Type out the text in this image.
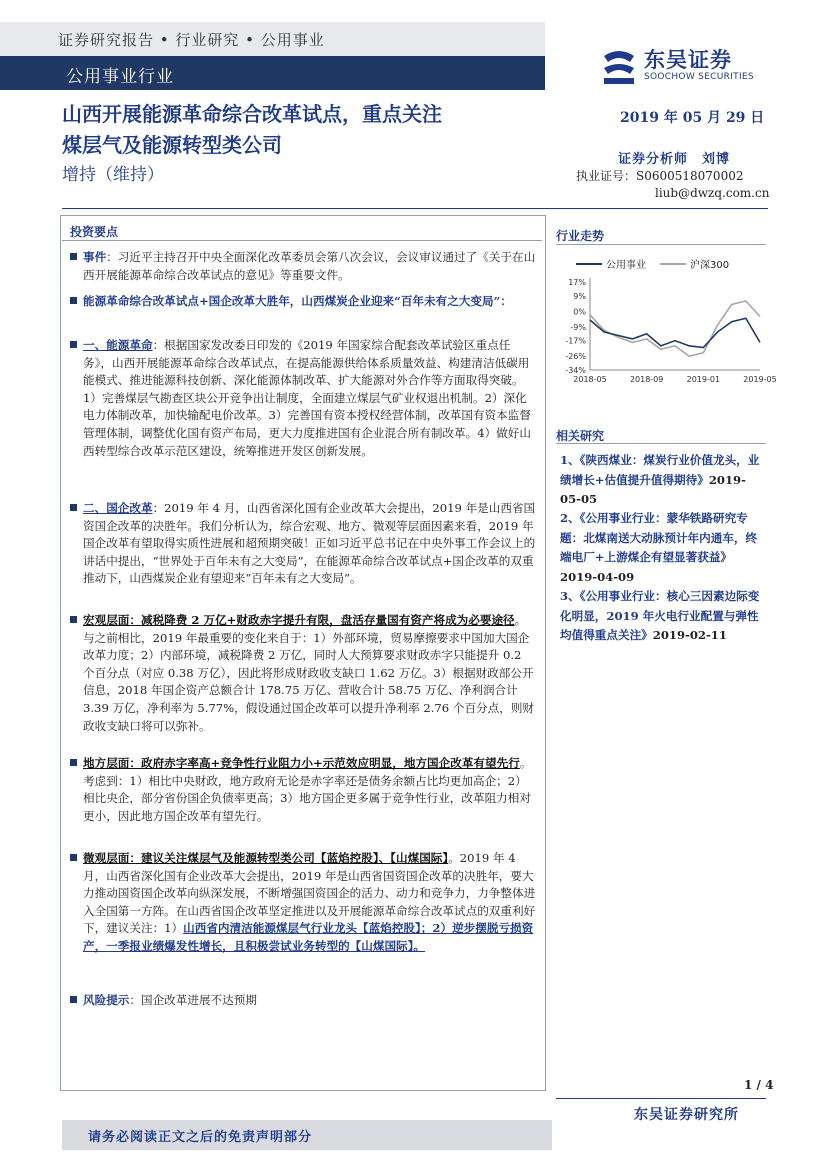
证券研究报告 • 行业研究 • 公用事业
公用事业行业
东吴证券
SOOCHOW SECURITIES
山西开展能源革命综合改革试点，重点关注
煤层气及能源转型类公司
增持（维持）
2019 年 05 月 29 日
证券分析师　刘博
执业证号：S0600518070002
liub@dwzq.com.cn
投资要点
事件：习近平主持召开中央全面深化改革委员会第八次会议，会议审议通过了《关于在山西开展能源革命综合改革试点的意见》等重要文件。
能源革命综合改革试点+国企改革大胜年，山西煤炭企业迎来“百年未有之大变局”：
一、能源革命：根据国家发改委日印发的《2019 年国家综合配套改革试验区重点任务》，山西开展能源革命综合改革试点，在提高能源供给体系质量效益、构建清洁低碳用能模式、推进能源科技创新、深化能源体制改革、扩大能源对外合作等方面取得突破。1）完善煤层气勘查区块公开竞争出让制度，全面建立煤层气矿业权退出机制。2）深化电力体制改革，加快输配电价改革。3）完善国有资本授权经营体制，改革国有资本监督管理体制，调整优化国有资产布局，更大力度推进国有企业混合所有制改革。4）做好山西转型综合改革示范区建设，统筹推进开发区创新发展。
二、国企改革：2019 年 4 月，山西省深化国有企业改革大会提出，2019 年是山西省国资国企改革的决胜年。我们分析认为，综合宏观、地方、微观等层面因素来看，2019 年国企改革有望取得实质性进展和超预期突破！正如习近平总书记在中央外事工作会议上的讲话中提出，“世界处于百年未有之大变局”，在能源革命综合改革试点+国企改革的双重推动下，山西煤炭企业有望迎来“百年未有之大变局”。
宏观层面：减税降费 2 万亿+财政赤字提升有限，盘活存量国有资产将成为必要途径。与之前相比，2019 年最重要的变化来自于：1）外部环境，贸易摩擦要求中国加大国企改革力度；2）内部环境，减税降费 2 万亿，同时人大预算要求财政赤字只能提升 0.2 个百分点（对应 0.38 万亿），因此将形成财政收支缺口 1.62 万亿。3）根据财政部公开信息，2018 年国企资产总额合计 178.75 万亿、营收合计 58.75 万亿、净利润合计 3.39 万亿，净利率为 5.77%，假设通过国企改革可以提升净利率 2.76 个百分点，则财政收支缺口将可以弥补。
地方层面：政府赤字率高+竞争性行业阻力小+示范效应明显，地方国企改革有望先行。考虑到：1）相比中央财政，地方政府无论是赤字率还是债务余额占比均更加高企；2）相比央企，部分省份国企负债率更高；3）地方国企更多属于竞争性行业，改革阻力相对更小，因此地方国企改革有望先行。
微观层面：建议关注煤层气及能源转型类公司【蓝焰控股】、【山煤国际】。2019 年 4 月，山西省深化国有企业改革大会提出，2019 年是山西省国资国企改革的决胜年，要大力推动国资国企改革向纵深发展，不断增强国资国企的活力、动力和竞争力，力争整体进入全国第一方阵。在山西省国企改革坚定推进以及开展能源革命综合改革试点的双重利好下，建议关注：1）山西省内清洁能源煤层气行业龙头【蓝焰控股】；2）逆步摆脱亏损资产，一季报业绩爆发性增长，且积极尝试业务转型的【山煤国际】。
风险提示：国企改革进展不达预期
行业走势
公用事业	沪深300
17%
9%
0%
-9%
-17%
-26%
-34%
2018-05	2018-09	2019-01	2019-05
相关研究
1、《陕西煤业：煤炭行业价值龙头，业绩增长+估值提升值得期待》2019-05-05
2、《公用事业行业：蒙华铁路研究专题：北煤南送大动脉预计年内通车，终端电厂+上游煤企有望显著获益》2019-04-09
3、《公用事业行业：核心三因素边际变化明显，2019 年火电行业配置与弹性均值得重点关注》2019-02-11
1 / 4
东吴证券研究所
请务必阅读正文之后的免责声明部分
